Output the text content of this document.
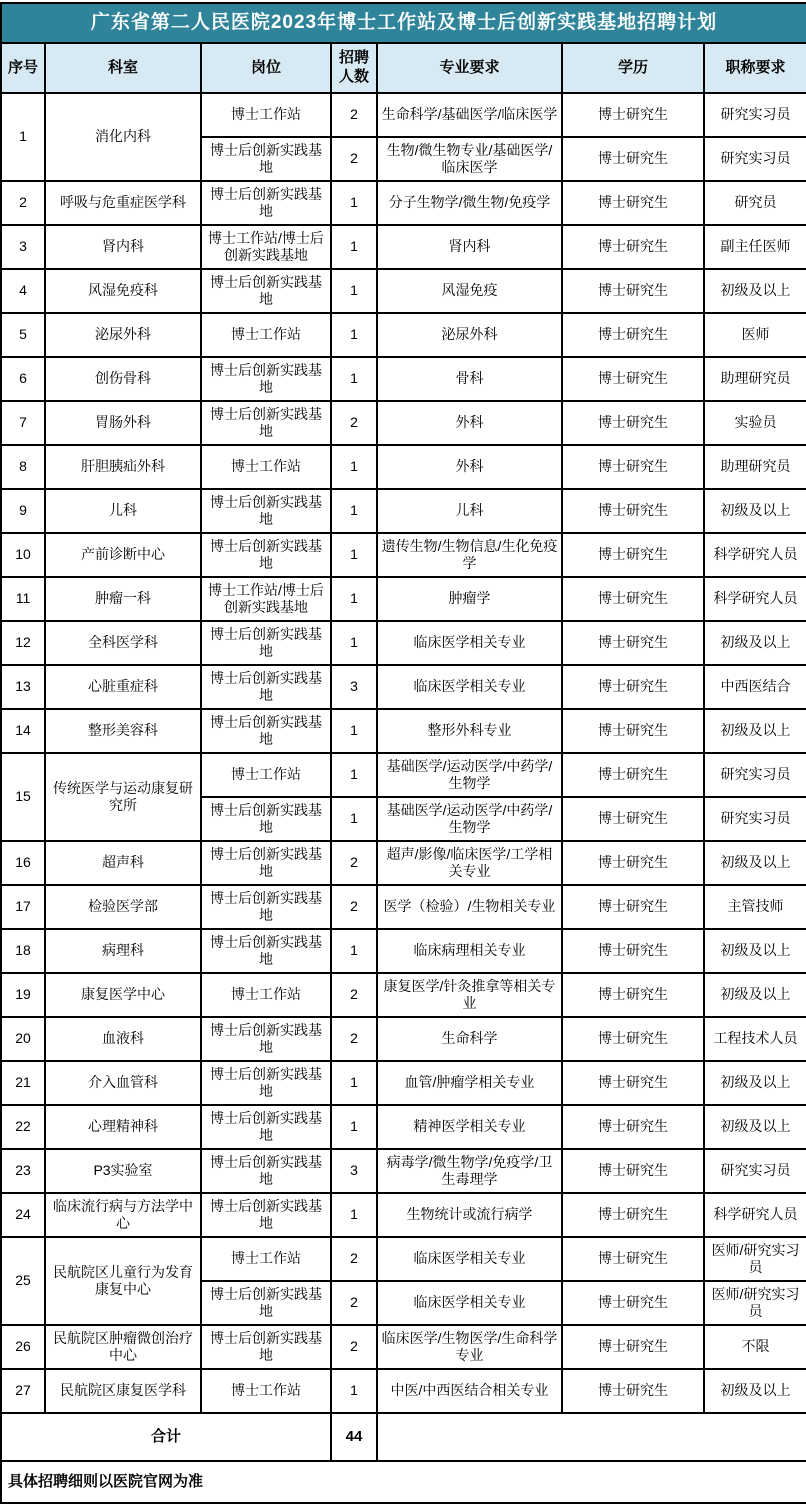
广东省第二人民医院2023年博士工作站及博士后创新实践基地招聘计划						
序号	科室	岗位	招聘人数	专业要求	学历	职称要求
1	消化内科	博士工作站	2	生命科学/基础医学/临床医学	博士研究生	研究实习员
		博士后创新实践基地	2	生物/微生物专业/基础医学/临床医学	博士研究生	研究实习员
2	呼吸与危重症医学科	博士后创新实践基地	1	分子生物学/微生物/免疫学	博士研究生	研究员
3	肾内科	博士工作站/博士后创新实践基地	1	肾内科	博士研究生	副主任医师
4	风湿免疫科	博士后创新实践基地	1	风湿免疫	博士研究生	初级及以上
5	泌尿外科	博士工作站	1	泌尿外科	博士研究生	医师
6	创伤骨科	博士后创新实践基地	1	骨科	博士研究生	助理研究员
7	胃肠外科	博士后创新实践基地	2	外科	博士研究生	实验员
8	肝胆胰疝外科	博士工作站	1	外科	博士研究生	助理研究员
9	儿科	博士后创新实践基地	1	儿科	博士研究生	初级及以上
10	产前诊断中心	博士后创新实践基地	1	遗传生物/生物信息/生化免疫学	博士研究生	科学研究人员
11	肿瘤一科	博士工作站/博士后创新实践基地	1	肿瘤学	博士研究生	科学研究人员
12	全科医学科	博士后创新实践基地	1	临床医学相关专业	博士研究生	初级及以上
13	心脏重症科	博士后创新实践基地	3	临床医学相关专业	博士研究生	中西医结合
14	整形美容科	博士后创新实践基地	1	整形外科专业	博士研究生	初级及以上
15	传统医学与运动康复研究所	博士工作站	1	基础医学/运动医学/中药学/生物学	博士研究生	研究实习员
		博士后创新实践基地	1	基础医学/运动医学/中药学/生物学	博士研究生	研究实习员
16	超声科	博士后创新实践基地	2	超声/影像/临床医学/工学相关专业	博士研究生	初级及以上
17	检验医学部	博士后创新实践基地	2	医学（检验）/生物相关专业	博士研究生	主管技师
18	病理科	博士后创新实践基地	1	临床病理相关专业	博士研究生	初级及以上
19	康复医学中心	博士工作站	2	康复医学/针灸推拿等相关专业	博士研究生	初级及以上
20	血液科	博士后创新实践基地	2	生命科学	博士研究生	工程技术人员
21	介入血管科	博士后创新实践基地	1	血管/肿瘤学相关专业	博士研究生	初级及以上
22	心理精神科	博士后创新实践基地	1	精神医学相关专业	博士研究生	初级及以上
23	P3实验室	博士后创新实践基地	3	病毒学/微生物学/免疫学/卫生毒理学	博士研究生	研究实习员
24	临床流行病与方法学中心	博士后创新实践基地	1	生物统计或流行病学	博士研究生	科学研究人员
25	民航院区儿童行为发育康复中心	博士工作站	2	临床医学相关专业	博士研究生	医师/研究实习员
		博士后创新实践基地	2	临床医学相关专业	博士研究生	医师/研究实习员
26	民航院区肿瘤微创治疗中心	博士后创新实践基地	2	临床医学/生物医学/生命科学专业	博士研究生	不限
27	民航院区康复医学科	博士工作站	1	中医/中西医结合相关专业	博士研究生	初级及以上
合计			44			
具体招聘细则以医院官网为准						
